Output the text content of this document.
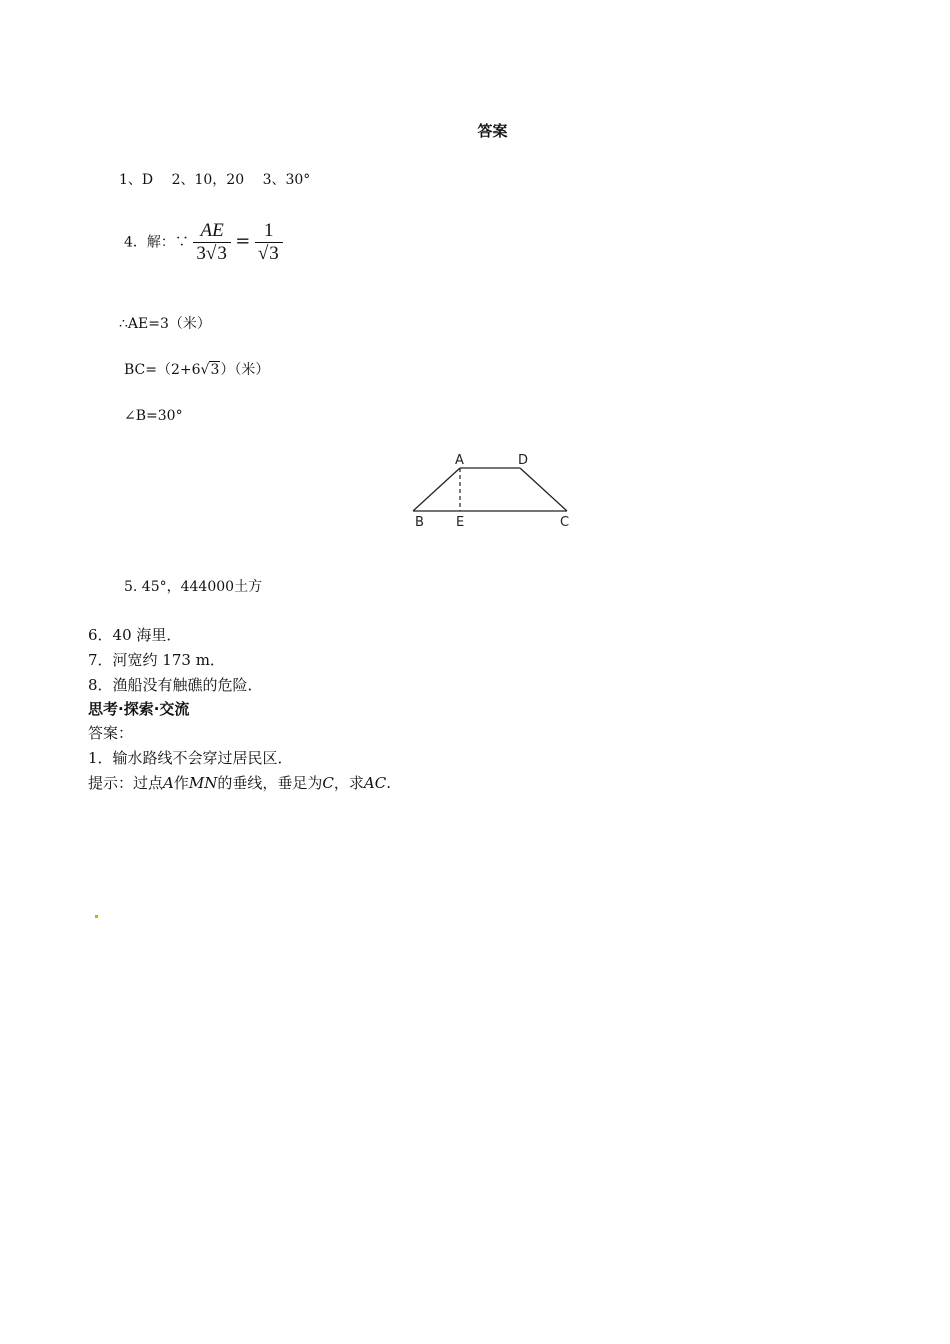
答案
1、D　 2、10，20　 3、30°
4．解：∵ $\frac{AE}{3√3} = \frac{1}{√3}$
∴AE=3（米）
BC=（2+6√3）（米）
∠B=30°
A	D
B E	C
5. 45°，444000土方
6．40 海里．
7．河宽约 173 m．
8．渔船没有触礁的危险．
思考·探索·交流
答案：
1．输水路线不会穿过居民区．
提示：过点A作MN的垂线，垂足为C，求AC.
